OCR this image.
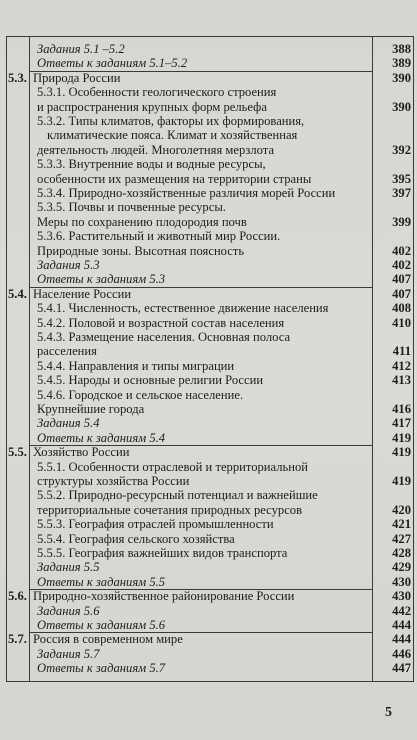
Задания 5.1 –5.2	388
Ответы к заданиям 5.1–5.2	389
5.3. Природа России	390
5.3.1. Особенности геологического строения
и распространения крупных форм рельефа	390
5.3.2. Типы климатов, факторы их формирования,
климатические пояса. Климат и хозяйственная
деятельность людей. Многолетняя мерзлота	392
5.3.3. Внутренние воды и водные ресурсы,
особенности их размещения на территории страны	395
5.3.4. Природно-хозяйственные различия морей России	397
5.3.5. Почвы и почвенные ресурсы.
Меры по сохранению плодородия почв	399
5.3.6. Растительный и животный мир России.
Природные зоны. Высотная поясность	402
Задания 5.3	402
Ответы к заданиям 5.3	407
5.4. Население России	407
5.4.1. Численность, естественное движение населения	408
5.4.2. Половой и возрастной состав населения	410
5.4.3. Размещение населения. Основная полоса
расселения	411
5.4.4. Направления и типы миграции	412
5.4.5. Народы и основные религии России	413
5.4.6. Городское и сельское население.
Крупнейшие города	416
Задания 5.4	417
Ответы к заданиям 5.4	419
5.5. Хозяйство России	419
5.5.1. Особенности отраслевой и территориальной
структуры хозяйства России	419
5.5.2. Природно-ресурсный потенциал и важнейшие
территориальные сочетания природных ресурсов	420
5.5.3. География отраслей промышленности	421
5.5.4. География сельского хозяйства	427
5.5.5. География важнейших видов транспорта	428
Задания 5.5	429
Ответы к заданиям 5.5	430
5.6. Природно-хозяйственное районирование России	430
Задания 5.6	442
Ответы к заданиям 5.6	444
5.7. Россия в современном мире	444
Задания 5.7	446
Ответы к заданиям 5.7	447
5
